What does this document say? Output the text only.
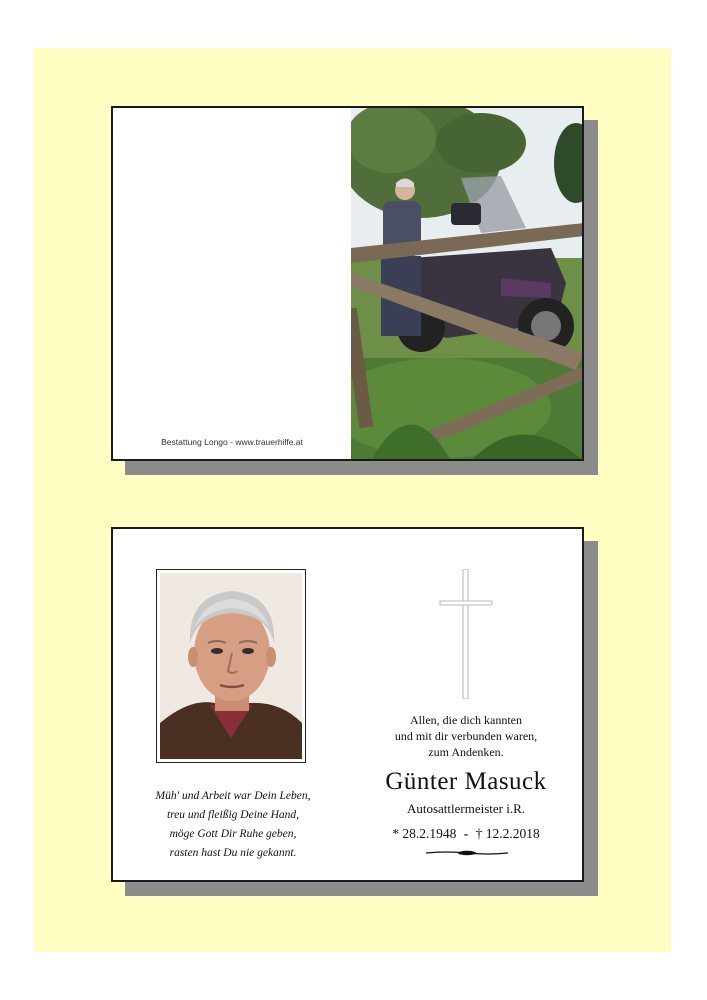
Bestattung Longo - www.trauerhilfe.at
Müh' und Arbeit war Dein Leben,
treu und fleißig Deine Hand,
möge Gott Dir Ruhe geben,
rasten hast Du nie gekannt.
Allen, die dich kannten
und mit dir verbunden waren,
zum Andenken.
Günter Masuck
Autosattlermeister i.R.
* 28.2.1948 - † 12.2.2018
